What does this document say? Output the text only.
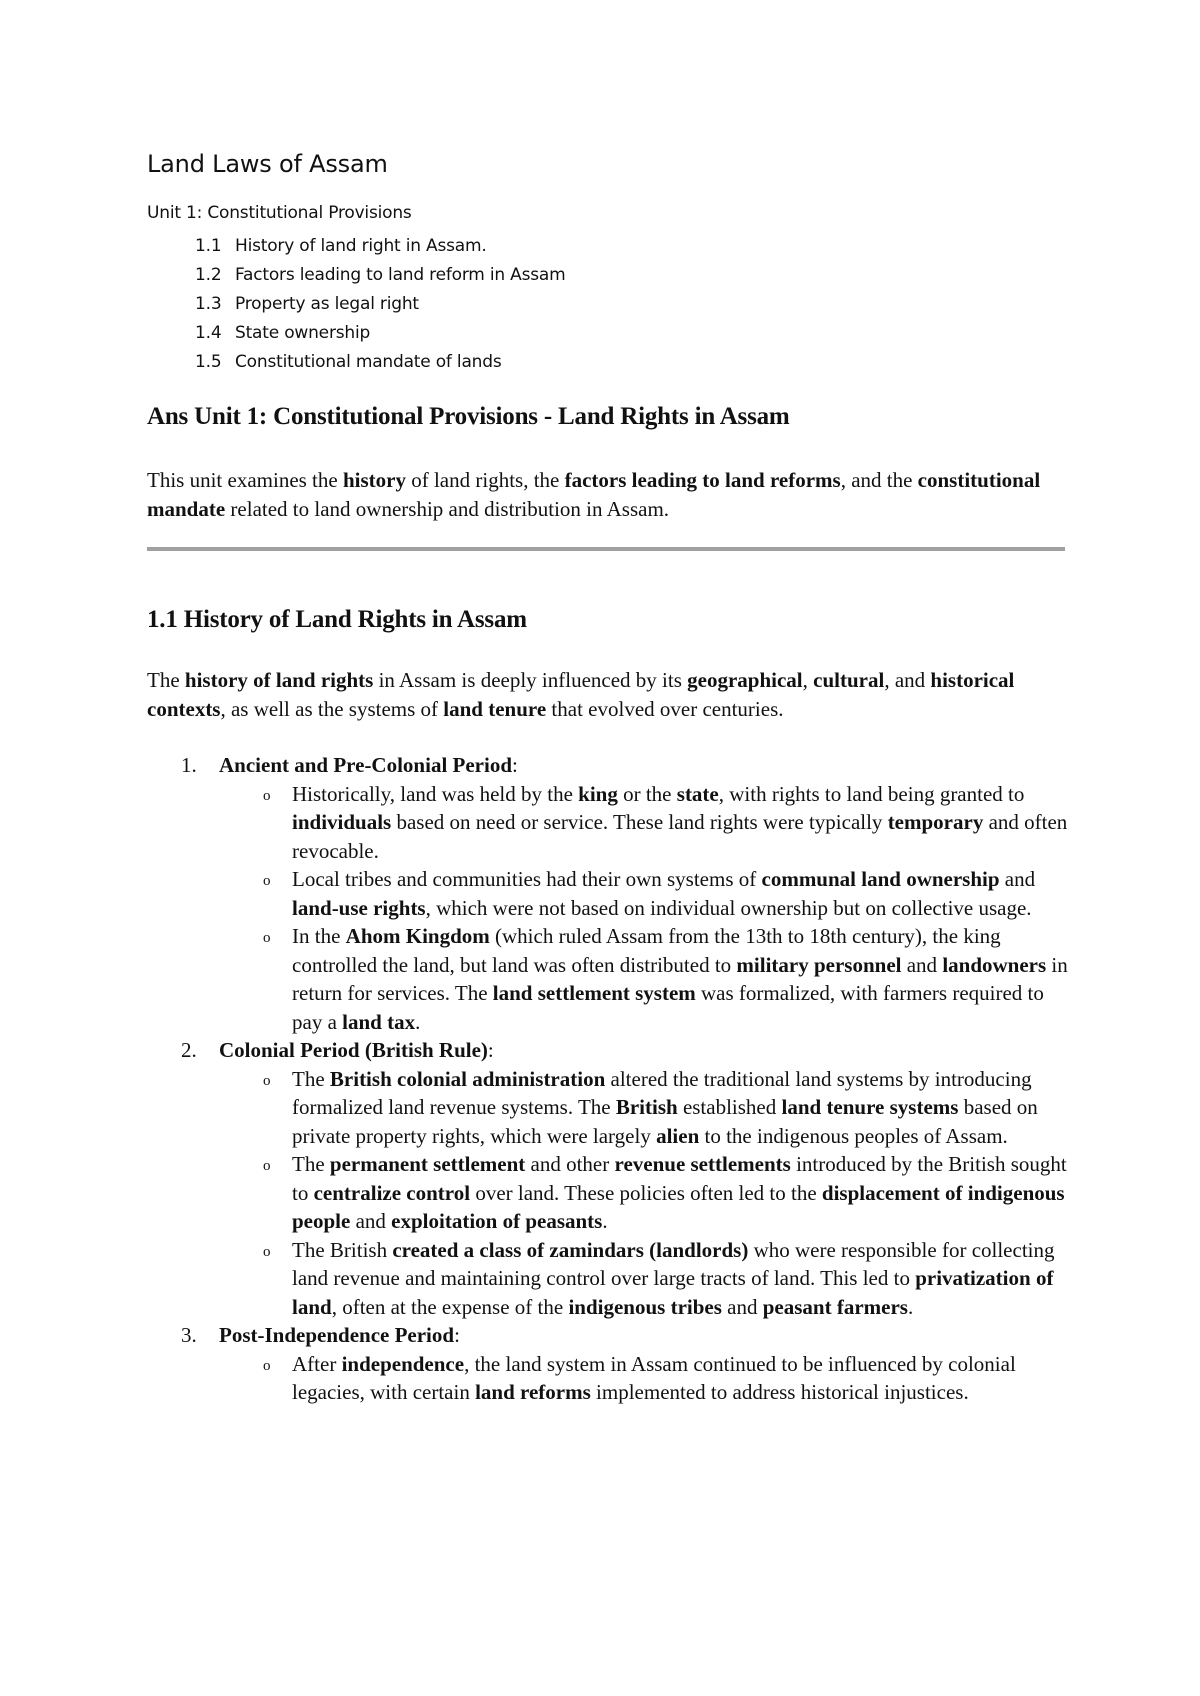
Land Laws of Assam
Unit 1: Constitutional Provisions
1.1 History of land right in Assam.
1.2 Factors leading to land reform in Assam
1.3 Property as legal right
1.4 State ownership
1.5 Constitutional mandate of lands
Ans Unit 1: Constitutional Provisions - Land Rights in Assam

This unit examines the history of land rights, the factors leading to land reforms, and the constitutional mandate related to land ownership and distribution in Assam.

1.1 History of Land Rights in Assam

The history of land rights in Assam is deeply influenced by its geographical, cultural, and historical contexts, as well as the systems of land tenure that evolved over centuries.

1. Ancient and Pre-Colonial Period:
o Historically, land was held by the king or the state, with rights to land being granted to individuals based on need or service. These land rights were typically temporary and often revocable.
o Local tribes and communities had their own systems of communal land ownership and land-use rights, which were not based on individual ownership but on collective usage.
o In the Ahom Kingdom (which ruled Assam from the 13th to 18th century), the king controlled the land, but land was often distributed to military personnel and landowners in return for services. The land settlement system was formalized, with farmers required to pay a land tax.
2. Colonial Period (British Rule):
o The British colonial administration altered the traditional land systems by introducing formalized land revenue systems. The British established land tenure systems based on private property rights, which were largely alien to the indigenous peoples of Assam.
o The permanent settlement and other revenue settlements introduced by the British sought to centralize control over land. These policies often led to the displacement of indigenous people and exploitation of peasants.
o The British created a class of zamindars (landlords) who were responsible for collecting land revenue and maintaining control over large tracts of land. This led to privatization of land, often at the expense of the indigenous tribes and peasant farmers.
3. Post-Independence Period:
o After independence, the land system in Assam continued to be influenced by colonial legacies, with certain land reforms implemented to address historical injustices.
